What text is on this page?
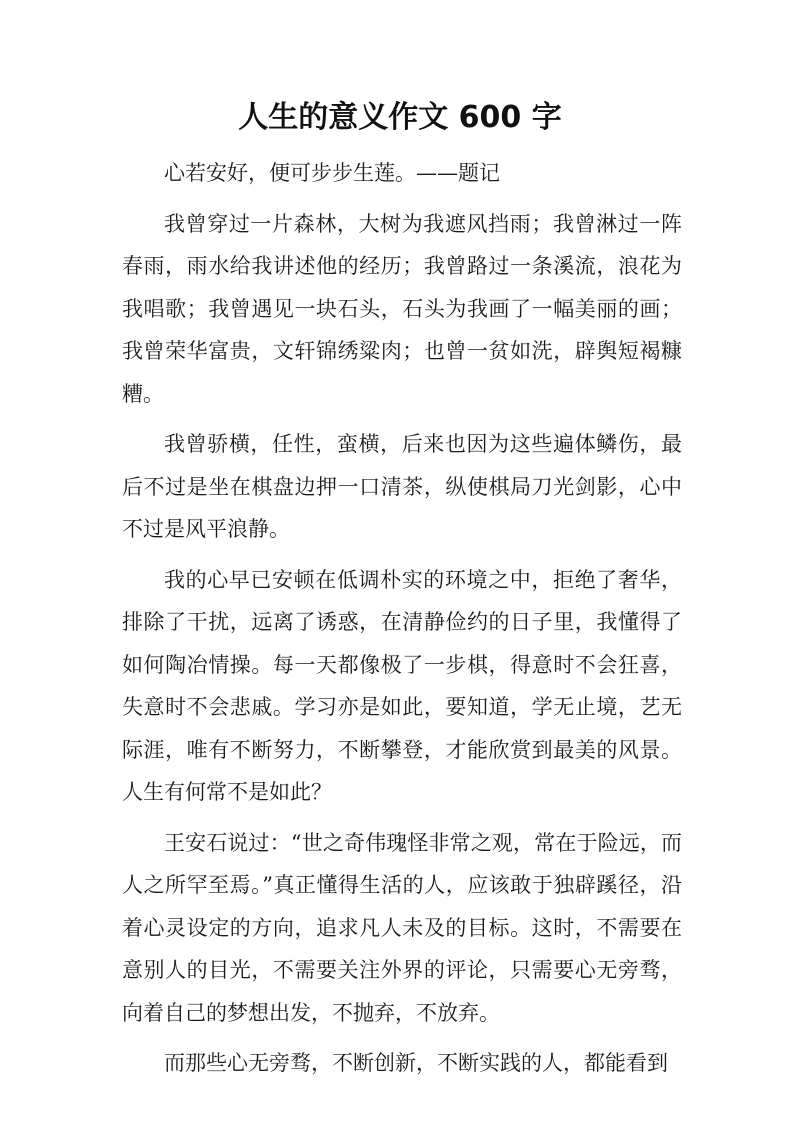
人生的意义作文 600 字

心若安好，便可步步生莲。——题记

我曾穿过一片森林，大树为我遮风挡雨；我曾淋过一阵春雨，雨水给我讲述他的经历；我曾路过一条溪流，浪花为我唱歌；我曾遇见一块石头，石头为我画了一幅美丽的画；我曾荣华富贵，文轩锦绣粱肉；也曾一贫如洗，辟舆短褐糠糟。

我曾骄横，任性，蛮横，后来也因为这些遍体鳞伤，最后不过是坐在棋盘边押一口清茶，纵使棋局刀光剑影，心中不过是风平浪静。

我的心早已安顿在低调朴实的环境之中，拒绝了奢华，排除了干扰，远离了诱惑，在清静俭约的日子里，我懂得了如何陶冶情操。每一天都像极了一步棋，得意时不会狂喜，失意时不会悲戚。学习亦是如此，要知道，学无止境，艺无际涯，唯有不断努力，不断攀登，才能欣赏到最美的风景。人生有何常不是如此？

王安石说过：“世之奇伟瑰怪非常之观，常在于险远，而人之所罕至焉。”真正懂得生活的人，应该敢于独辟蹊径，沿着心灵设定的方向，追求凡人未及的目标。这时，不需要在意别人的目光，不需要关注外界的评论，只需要心无旁骛，向着自己的梦想出发，不抛弃，不放弃。

而那些心无旁骛，不断创新，不断实践的人，都能看到
